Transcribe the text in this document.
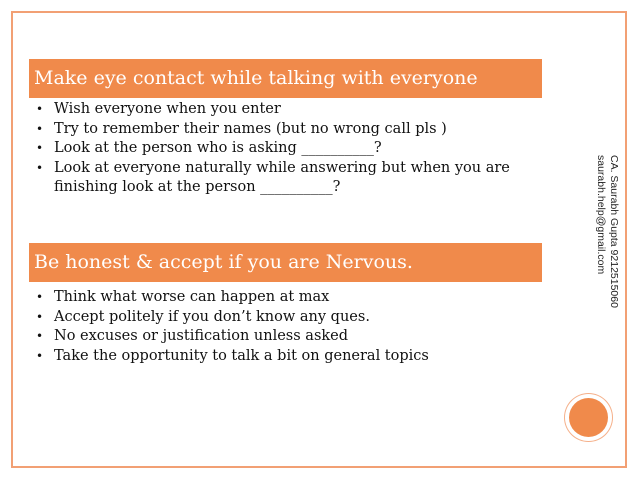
Make eye contact while talking with everyone
• Wish everyone when you enter
• Try to remember their names (but no wrong call pls )
• Look at the person who is asking __________?
• Look at everyone naturally while answering but when you are finishing look at the person __________?
Be honest & accept if you are Nervous.
• Think what worse can happen at max
• Accept politely if you don’t know any ques.
• No excuses or justification unless asked
• Take the opportunity to talk a bit on general topics
CA. Saurabh Gupta 9212515060
saurabh.help@gmail.com
